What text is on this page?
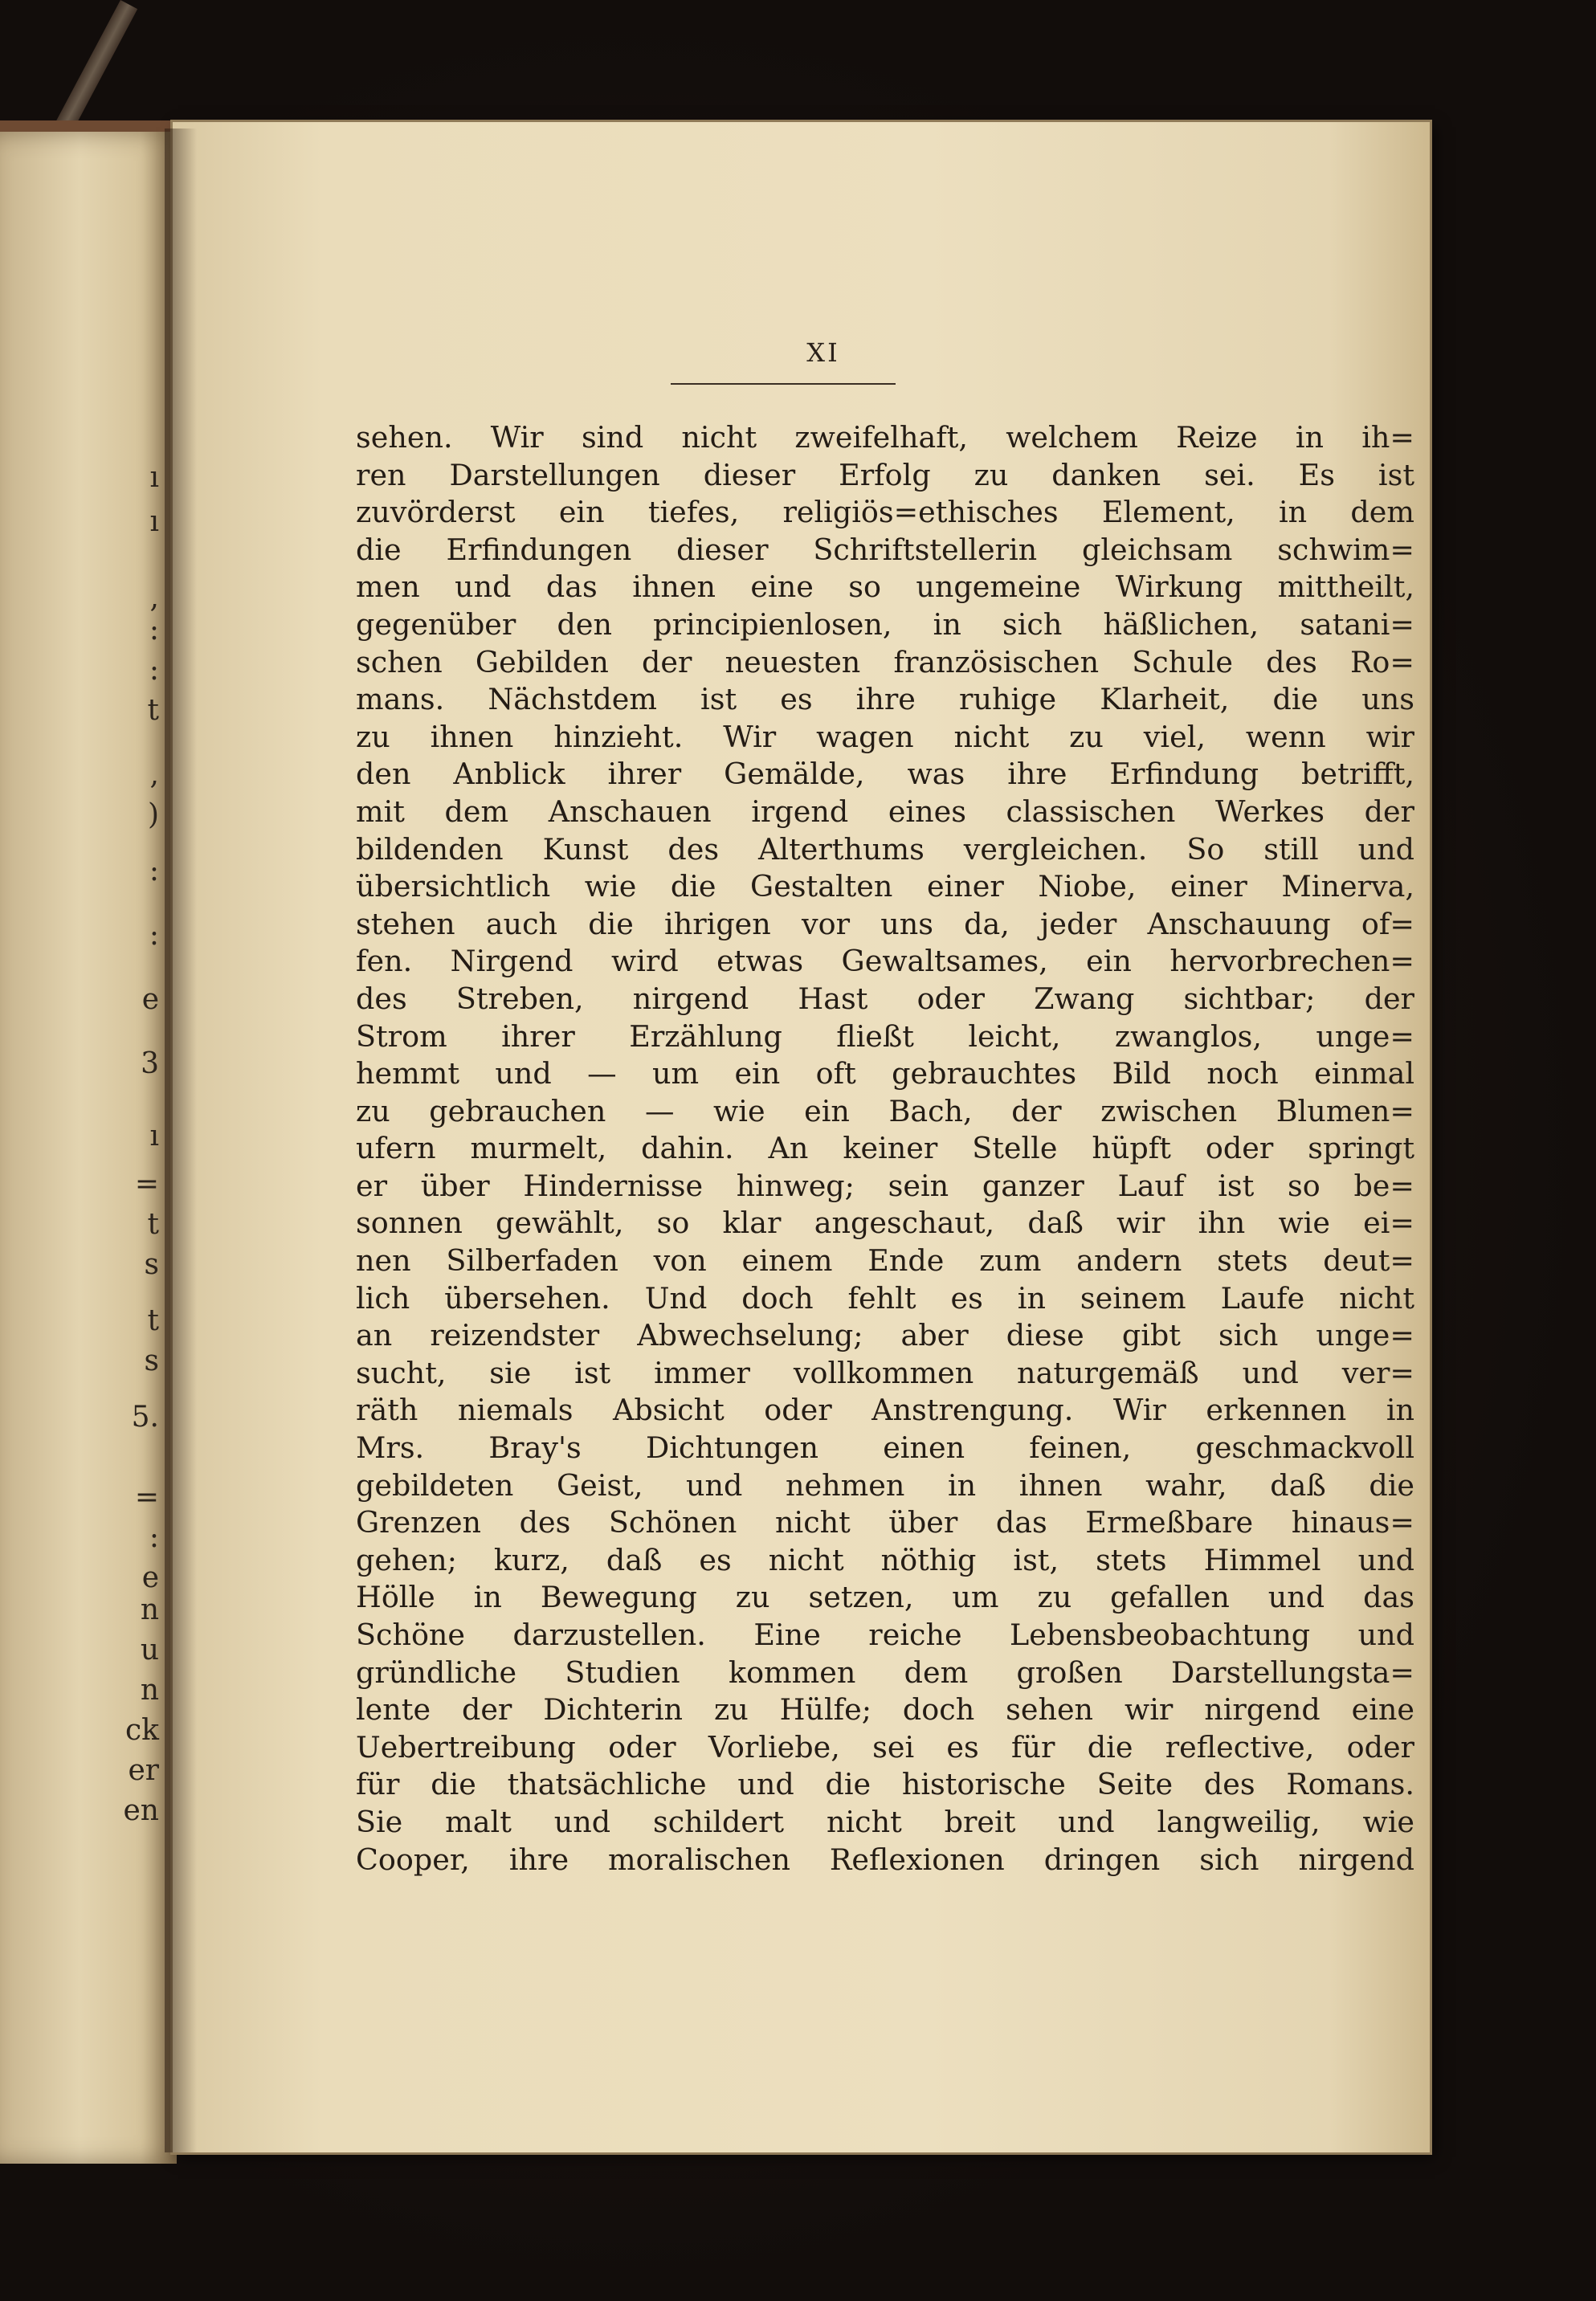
ı
ı
,
:
:
t
,
)
:
:
e
3
ı
=
t
s
t
s
5.
=
:
e
n
u
n
ck
er
en
XI
sehen. Wir sind nicht zweifelhaft, welchem Reize in ih=
ren Darstellungen dieser Erfolg zu danken sei. Es ist
zuvörderst ein tiefes, religiös=ethisches Element, in dem
die Erfindungen dieser Schriftstellerin gleichsam schwim=
men und das ihnen eine so ungemeine Wirkung mittheilt,
gegenüber den principienlosen, in sich häßlichen, satani=
schen Gebilden der neuesten französischen Schule des Ro=
mans. Nächstdem ist es ihre ruhige Klarheit, die uns
zu ihnen hinzieht. Wir wagen nicht zu viel, wenn wir
den Anblick ihrer Gemälde, was ihre Erfindung betrifft,
mit dem Anschauen irgend eines classischen Werkes der
bildenden Kunst des Alterthums vergleichen. So still und
übersichtlich wie die Gestalten einer Niobe, einer Minerva,
stehen auch die ihrigen vor uns da, jeder Anschauung of=
fen. Nirgend wird etwas Gewaltsames, ein hervorbrechen=
des Streben, nirgend Hast oder Zwang sichtbar; der
Strom ihrer Erzählung fließt leicht, zwanglos, unge=
hemmt und — um ein oft gebrauchtes Bild noch einmal
zu gebrauchen — wie ein Bach, der zwischen Blumen=
ufern murmelt, dahin. An keiner Stelle hüpft oder springt
er über Hindernisse hinweg; sein ganzer Lauf ist so be=
sonnen gewählt, so klar angeschaut, daß wir ihn wie ei=
nen Silberfaden von einem Ende zum andern stets deut=
lich übersehen. Und doch fehlt es in seinem Laufe nicht
an reizendster Abwechselung; aber diese gibt sich unge=
sucht, sie ist immer vollkommen naturgemäß und ver=
räth niemals Absicht oder Anstrengung. Wir erkennen in
Mrs. Bray's Dichtungen einen feinen, geschmackvoll
gebildeten Geist, und nehmen in ihnen wahr, daß die
Grenzen des Schönen nicht über das Ermeßbare hinaus=
gehen; kurz, daß es nicht nöthig ist, stets Himmel und
Hölle in Bewegung zu setzen, um zu gefallen und das
Schöne darzustellen. Eine reiche Lebensbeobachtung und
gründliche Studien kommen dem großen Darstellungsta=
lente der Dichterin zu Hülfe; doch sehen wir nirgend eine
Uebertreibung oder Vorliebe, sei es für die reflective, oder
für die thatsächliche und die historische Seite des Romans.
Sie malt und schildert nicht breit und langweilig, wie
Cooper, ihre moralischen Reflexionen dringen sich nirgend
